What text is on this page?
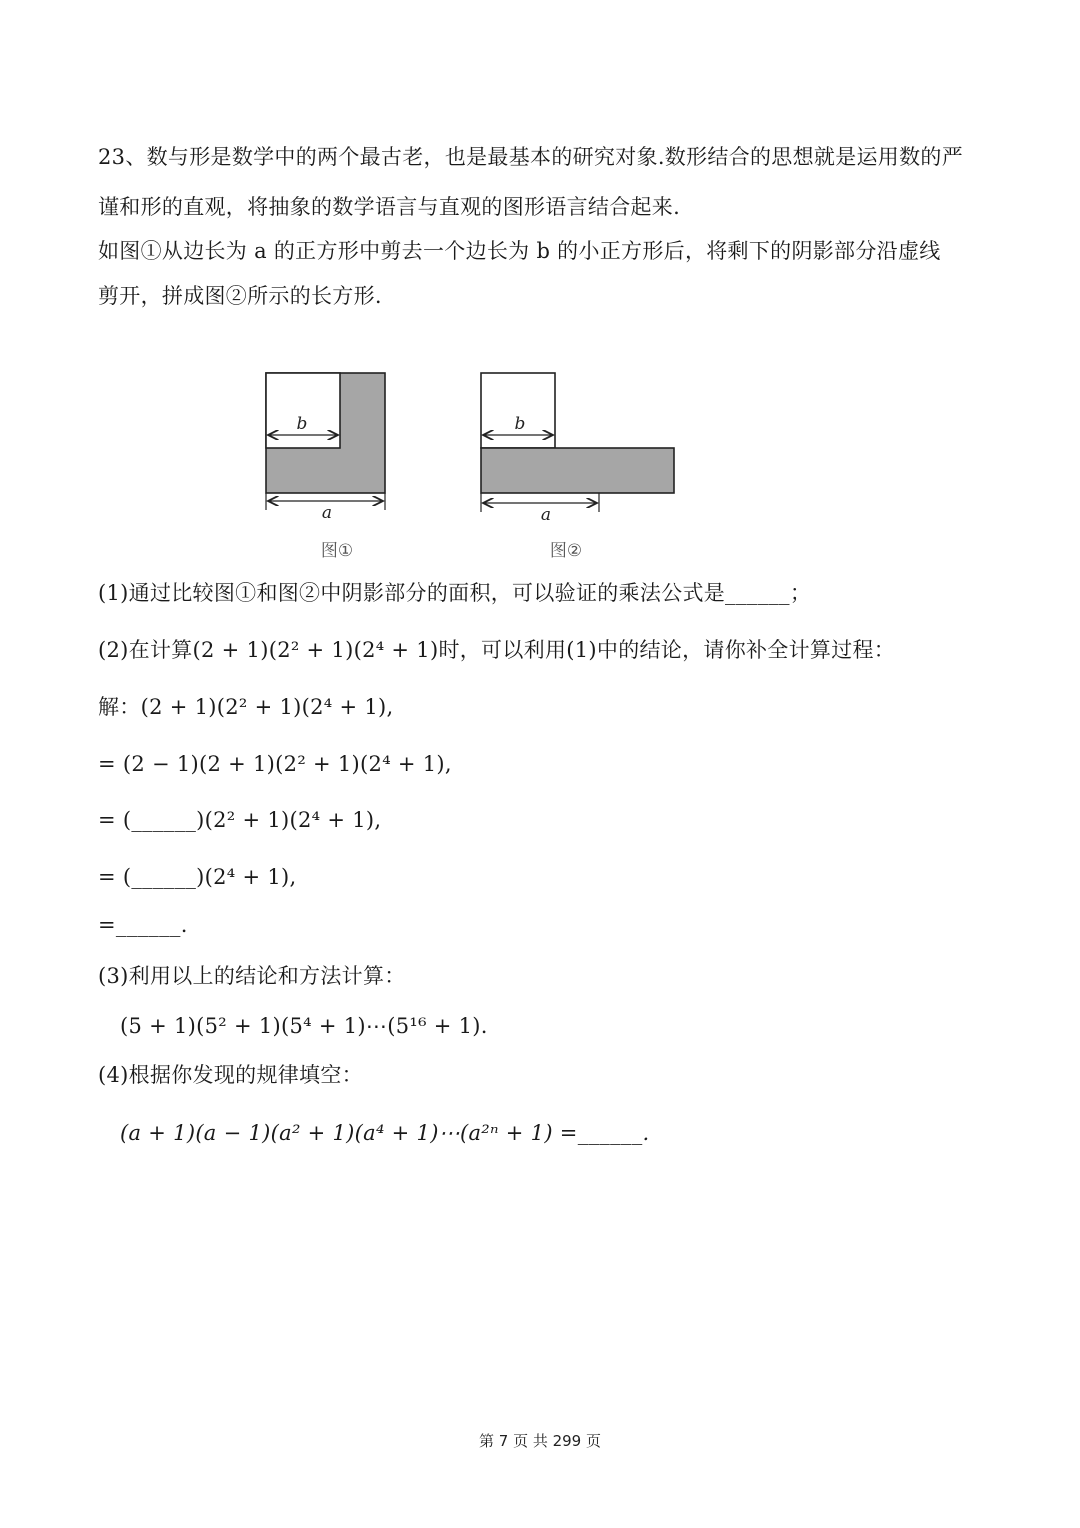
23、数与形是数学中的两个最古老，也是最基本的研究对象.数形结合的思想就是运用数的严
谨和形的直观，将抽象的数学语言与直观的图形语言结合起来.
如图①从边长为 a 的正方形中剪去一个边长为 b 的小正方形后，将剩下的阴影部分沿虚线
剪开，拼成图②所示的长方形.
b
a
图①
b
a
图②
(1)通过比较图①和图②中阴影部分的面积，可以验证的乘法公式是______；
(2)在计算(2 + 1)(2² + 1)(2⁴ + 1)时，可以利用(1)中的结论，请你补全计算过程：
解：(2 + 1)(2² + 1)(2⁴ + 1),
= (2 − 1)(2 + 1)(2² + 1)(2⁴ + 1),
= (______)(2² + 1)(2⁴ + 1),
= (______)(2⁴ + 1),
=______.
(3)利用以上的结论和方法计算：
(5 + 1)(5² + 1)(5⁴ + 1)⋯(5¹⁶ + 1).
(4)根据你发现的规律填空：
(a + 1)(a − 1)(a² + 1)(a⁴ + 1)⋯(a²ⁿ + 1) =______.
第 7 页 共 299 页
